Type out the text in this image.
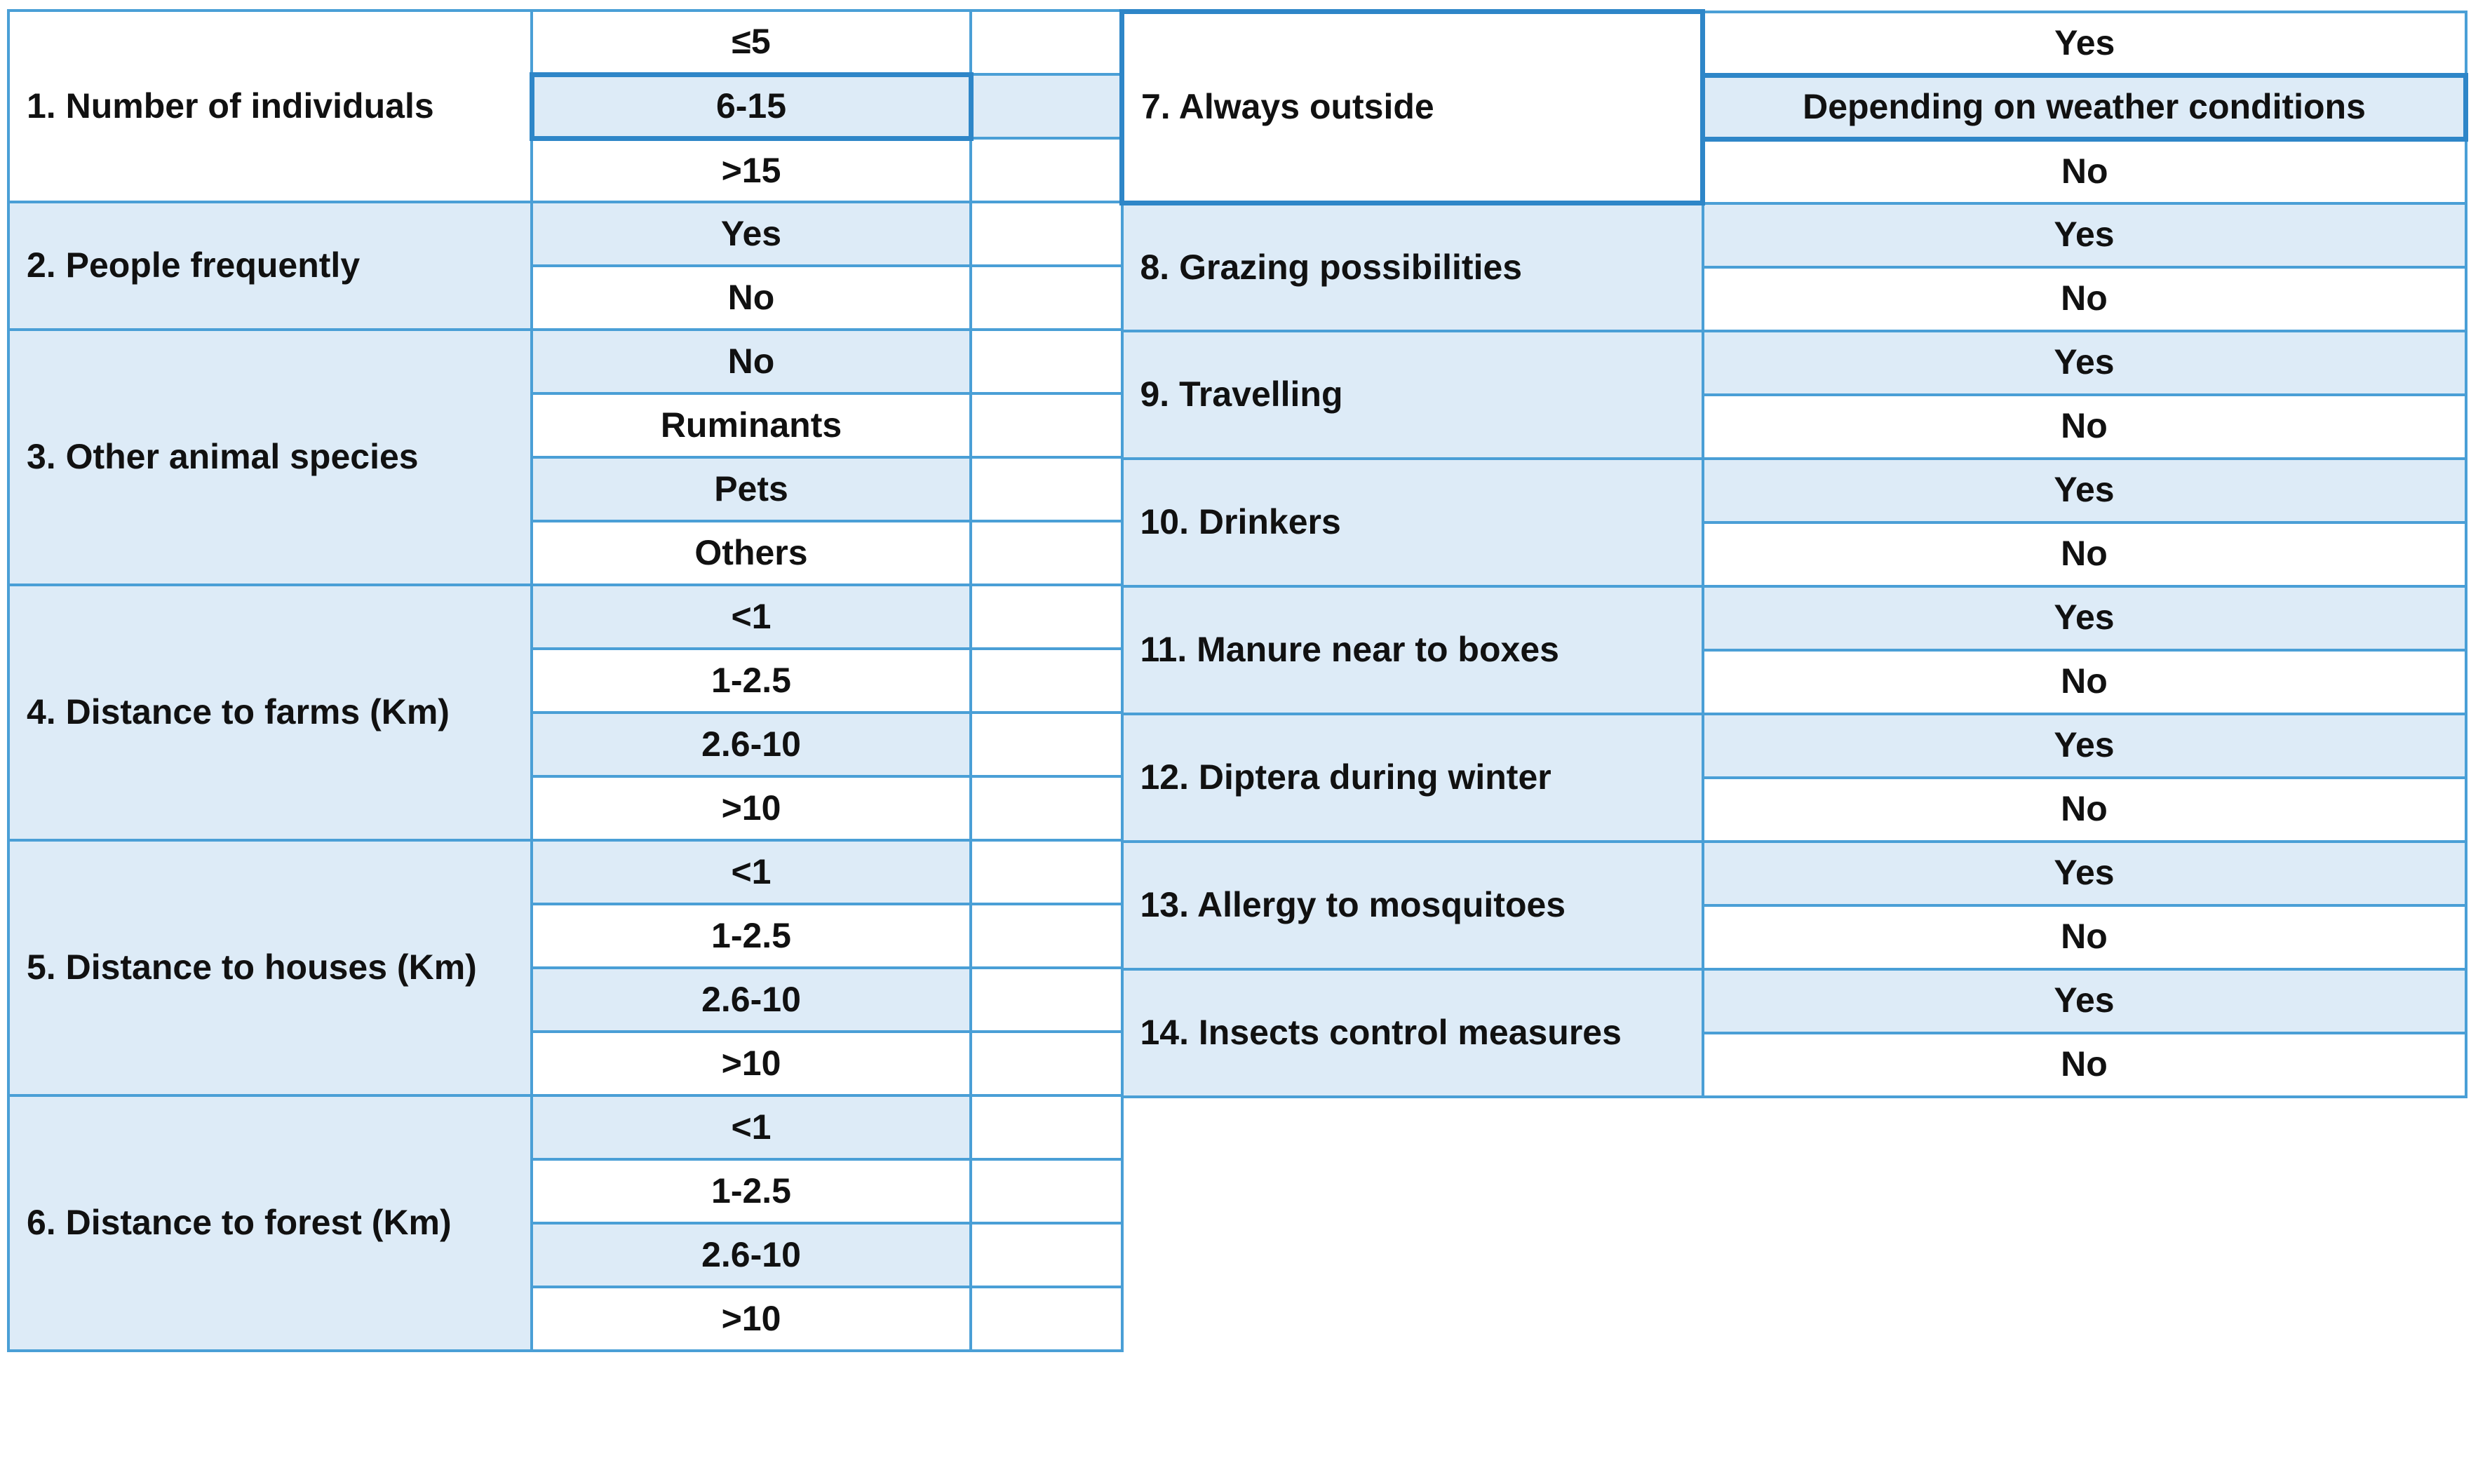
1. Number of individuals	≤5	
	6-15	
	>15	
2. People frequently	Yes	
	No	
3. Other animal species	No	
	Ruminants	
	Pets	
	Others	
4. Distance to farms (Km)	<1	
	1-2.5	
	2.6-10	
	>10	
5. Distance to houses (Km)	<1	
	1-2.5	
	2.6-10	
	>10	
6. Distance to forest (Km)	<1	
	1-2.5	
	2.6-10	
	>10	
7. Always outside	Yes
	Depending on weather conditions
	No
8. Grazing possibilities	Yes
	No
9. Travelling	Yes
	No
10. Drinkers	Yes
	No
11. Manure near to boxes	Yes
	No
12. Diptera during winter	Yes
	No
13. Allergy to mosquitoes	Yes
	No
14. Insects control measures	Yes
	No
